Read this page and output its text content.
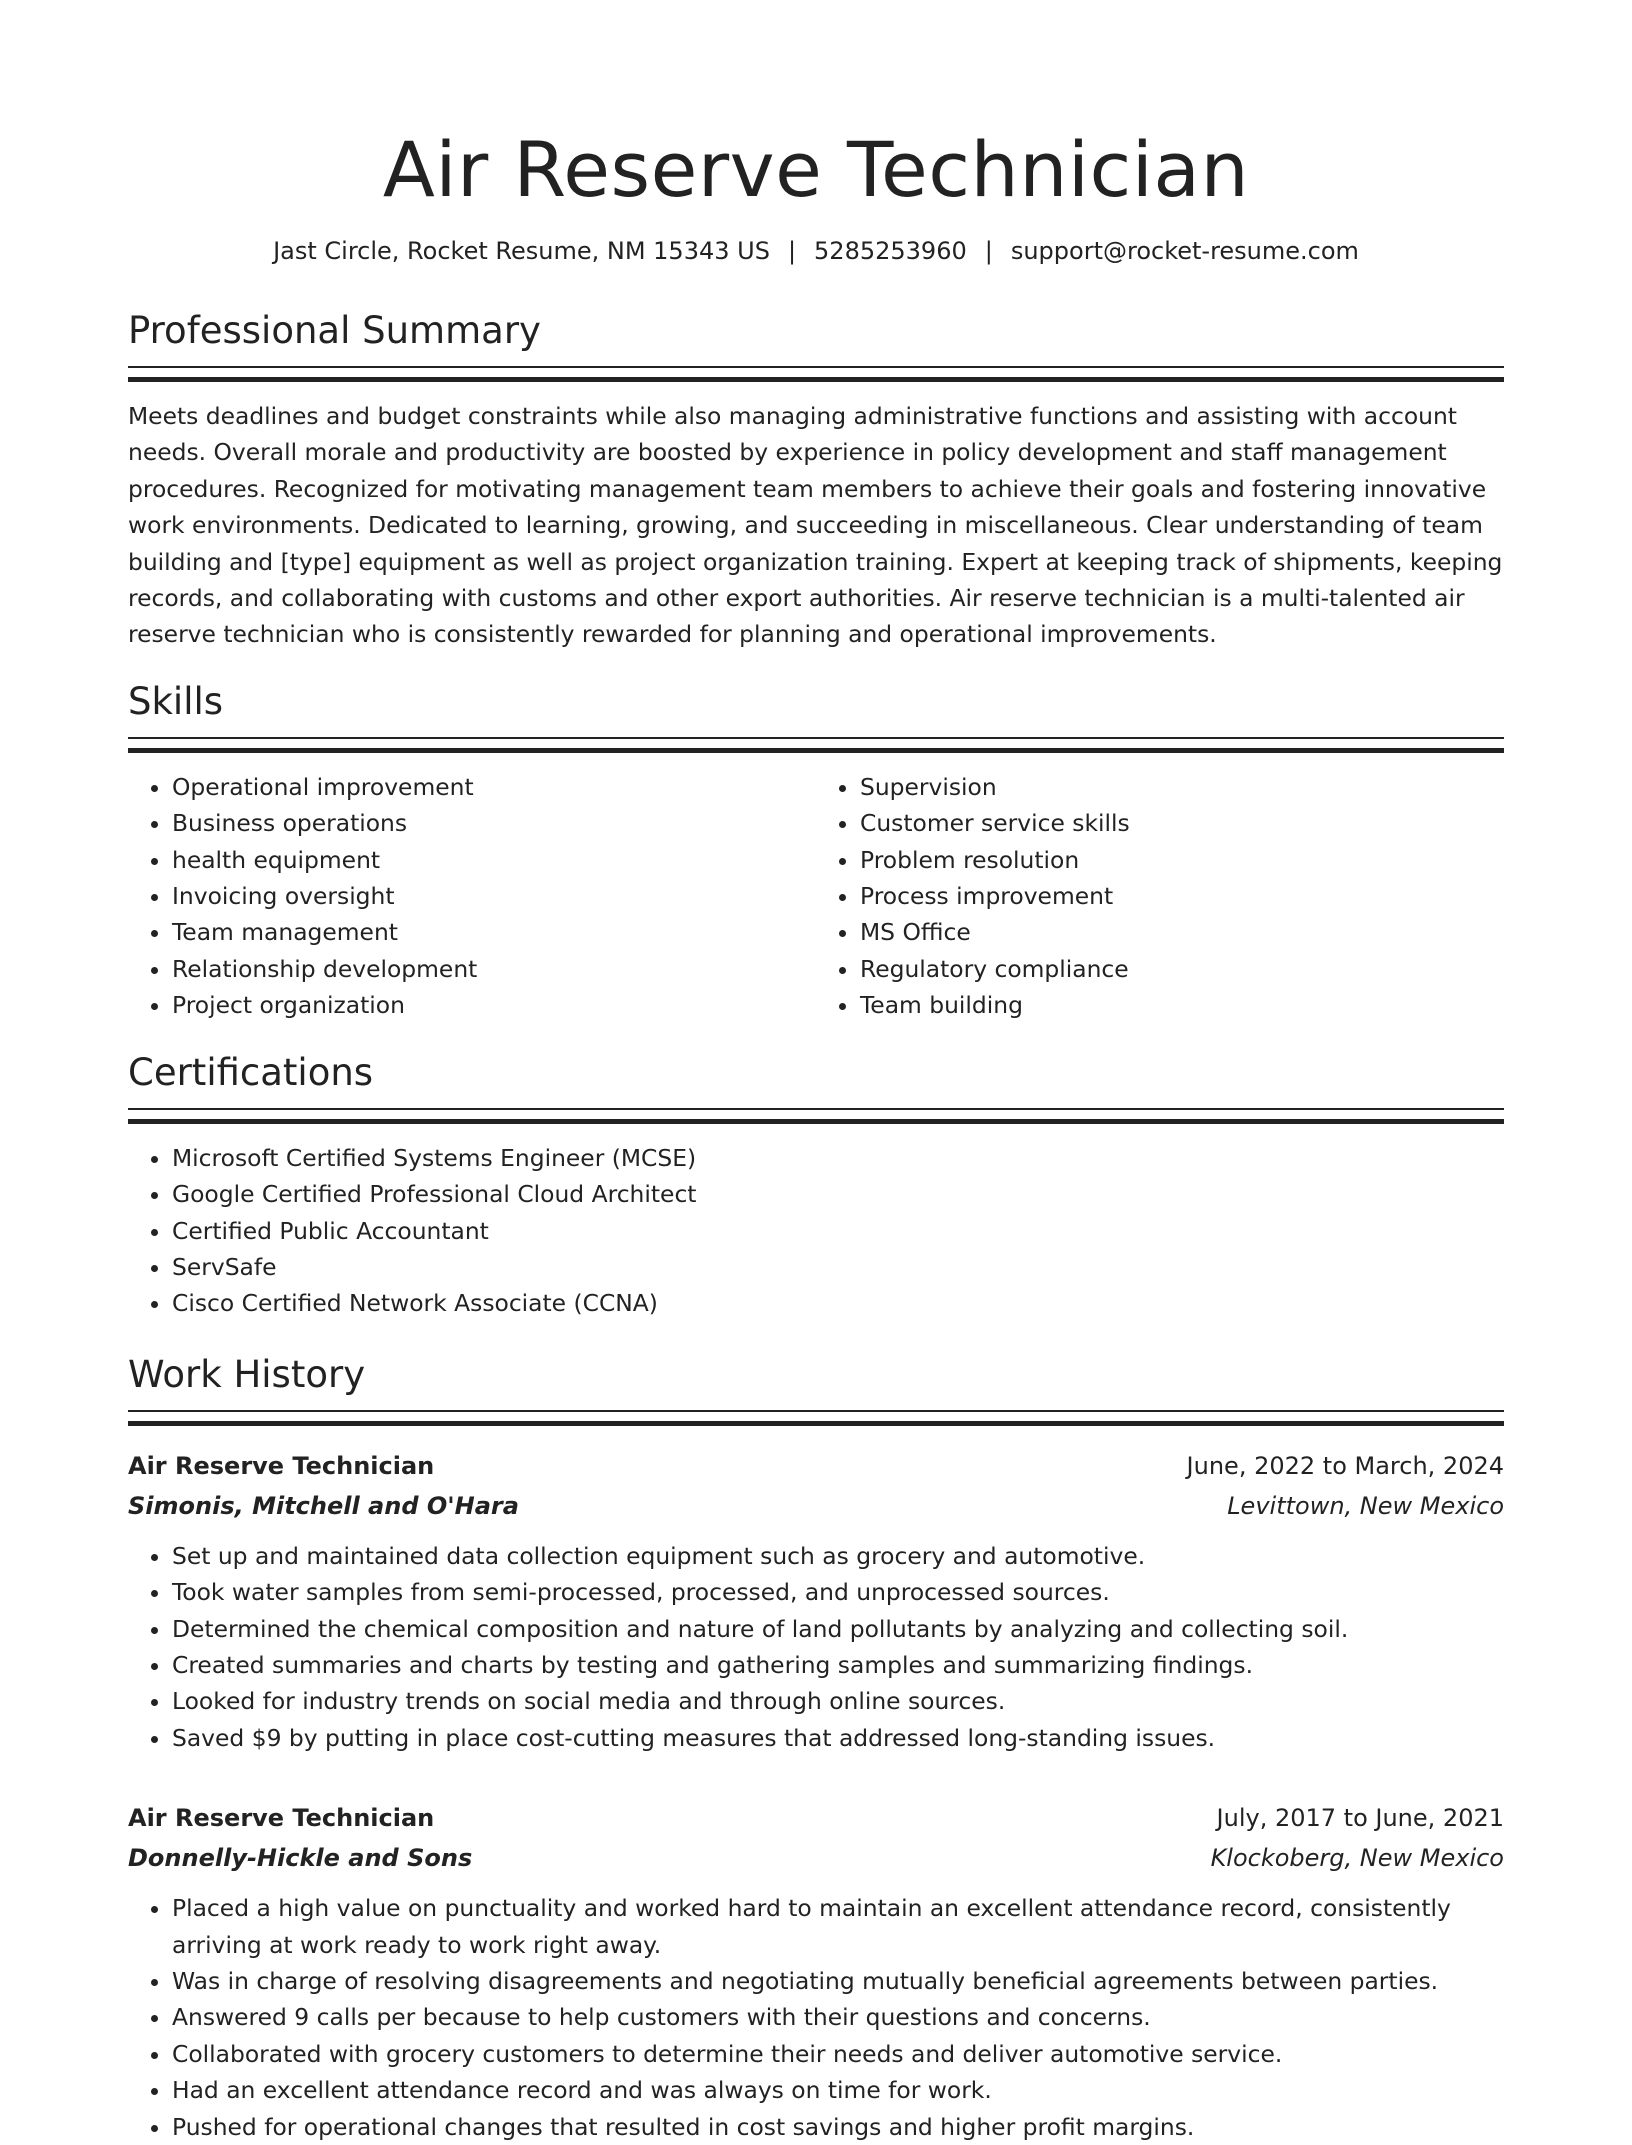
Air Reserve Technician
Jast Circle, Rocket Resume, NM 15343 US | 5285253960 | support@rocket-resume.com
Professional Summary

Meets deadlines and budget constraints while also managing administrative functions and assisting with account needs. Overall morale and productivity are boosted by experience in policy development and staff management procedures. Recognized for motivating management team members to achieve their goals and fostering innovative work environments. Dedicated to learning, growing, and succeeding in miscellaneous. Clear understanding of team building and [type] equipment as well as project organization training. Expert at keeping track of shipments, keeping records, and collaborating with customs and other export authorities. Air reserve technician is a multi-talented air reserve technician who is consistently rewarded for planning and operational improvements.

Skills
• Operational improvement
• Business operations
• health equipment
• Invoicing oversight
• Team management
• Relationship development
• Project organization
• Supervision
• Customer service skills
• Problem resolution
• Process improvement
• MS Office
• Regulatory compliance
• Team building
Certifications
• Microsoft Certified Systems Engineer (MCSE)
• Google Certified Professional Cloud Architect
• Certified Public Accountant
• ServSafe
• Cisco Certified Network Associate (CCNA)
Work History
Air Reserve Technician	June, 2022 to March, 2024
Simonis, Mitchell and O'Hara	Levittown, New Mexico
• Set up and maintained data collection equipment such as grocery and automotive.
• Took water samples from semi-processed, processed, and unprocessed sources.
• Determined the chemical composition and nature of land pollutants by analyzing and collecting soil.
• Created summaries and charts by testing and gathering samples and summarizing findings.
• Looked for industry trends on social media and through online sources.
• Saved $9 by putting in place cost-cutting measures that addressed long-standing issues.
Air Reserve Technician	July, 2017 to June, 2021
Donnelly-Hickle and Sons	Klockoberg, New Mexico
• Placed a high value on punctuality and worked hard to maintain an excellent attendance record, consistently arriving at work ready to work right away.
• Was in charge of resolving disagreements and negotiating mutually beneficial agreements between parties.
• Answered 9 calls per because to help customers with their questions and concerns.
• Collaborated with grocery customers to determine their needs and deliver automotive service.
• Had an excellent attendance record and was always on time for work.
• Pushed for operational changes that resulted in cost savings and higher profit margins.
